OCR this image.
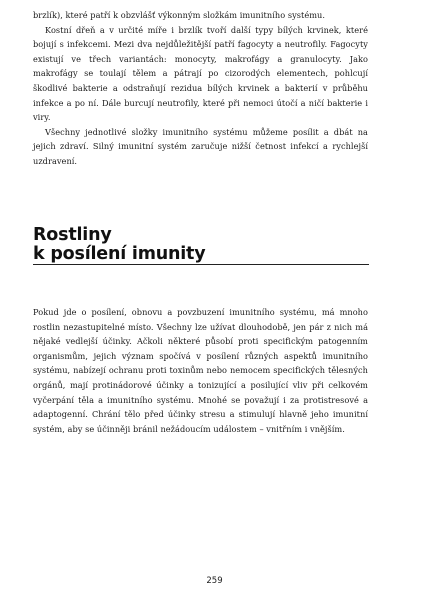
brzlík), které patří k obzvlášť výkonným složkám imunitního systému.

Kostní dřeň a v určité míře i brzlík tvoří další typy bílých krvinek, které bojují s infekcemi. Mezi dva nejdůležitější patří fagocyty a neutrofily. Fagocyty existují ve třech variantách: monocyty, makrofágy a granulocyty. Jako makrofágy se toulají tělem a pátrají po cizorodých elementech, pohlcují škodlivé bakterie a odstraňují rezidua bílých krvinek a bakterií v průběhu infekce a po ní. Dále burcují neutrofily, které při nemoci útočí a ničí bakterie i viry.

Všechny jednotlivé složky imunitního systému můžeme posílit a dbát na jejich zdraví. Silný imunitní systém zaručuje nižší četnost infekcí a rychlejší uzdravení.

Rostliny
k posílení imunity

Pokud jde o posílení, obnovu a povzbuzení imunitního systému, má mnoho rostlin nezastupitelné místo. Všechny lze užívat dlouhodobě, jen pár z nich má nějaké vedlejší účinky. Ačkoli některé působí proti specifickým patogenním organismům, jejich význam spočívá v posílení různých aspektů imunitního systému, nabízejí ochranu proti toxinům nebo nemocem specifických tělesných orgánů, mají protinádorové účinky a tonizující a posilující vliv při celkovém vyčerpání těla a imunitního systému. Mnohé se považují i za protistresové a adaptogenní. Chrání tělo před účinky stresu a stimulují hlavně jeho imunitní systém, aby se účinněji bránil nežádoucím událostem – vnitřním i vnějším.

259
